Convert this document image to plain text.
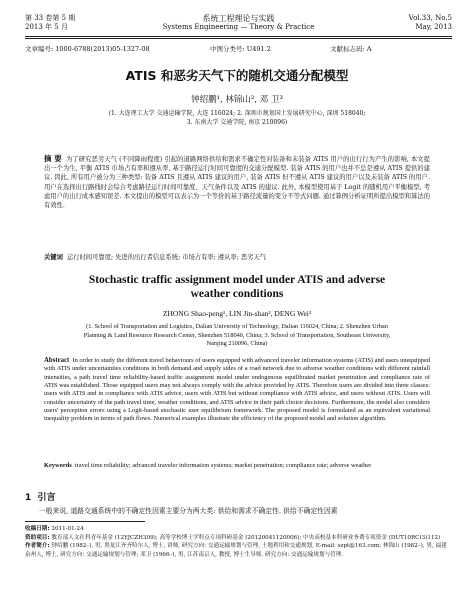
第 33 卷第 5 期
2013 年 5 月
系统工程理论与实践
Systems Engineering — Theory & Practice
Vol.33, No.5
May, 2013
文章编号: 1000-6788(2013)05-1327-08	中图分类号: U491.2	文献标志码: A
ATIS 和恶劣天气下的随机交通分配模型
钟绍鹏¹, 林锦山², 邓 卫³
(1. 大连理工大学 交通运输学院, 大连 116024; 2. 深圳市规划国土发展研究中心, 深圳 518040;
3. 东南大学 交通学院, 南京 210096)
摘 要 为了研究恶劣天气 (不同降雨程度) 引起的道路网络供给和需求不确定性对装备和未装备 ATIS 用户的出行行为产生的影响, 本文提出一个为生, 平衡 ATIS 市场占有率和遵从率, 基于路径运行时间可靠度的交通分配模型. 装备 ATIS 的用户也并不总是遵从 ATIS 提供的建议. 因此, 所有用户被分为三种类型: 装备 ATIS 且遵从 ATIS 建议的用户, 装备 ATIS 但不遵从 ATIS 建议的用户以及未装备 ATIS 的用户. 用户在选择出行路线时会综合考虑路径运行时间可靠度、天气条件以及 ATIS 的建议. 此外, 本模型使用基于 Logit 的随机用户平衡模型, 考虑用户的出行成本感知误差. 本文提出的模型可以表示为一个等价的基于路径流量的变分不等式问题. 通过算例分析证明所提出模型和算法的有效性.
关键词 运行时间可靠度; 先进的出行者信息系统; 市场占有率; 遵从率; 恶劣天气
Stochastic traffic assignment model under ATIS and adverse
weather conditions
ZHONG Shao-peng¹, LIN Jin-shan², DENG Wei³
(1. School of Transportation and Logistics, Dalian University of Technology, Dalian 116024, China; 2. Shenzhen Urban
Planning & Land Resource Research Center, Shenzhen 518040, China; 3. School of Transportation, Southeast University,
Nanjing 210096, China)
Abstract In order to study the different travel behaviours of users equipped with advanced traveler information systems (ATIS) and users unequipped with ATIS under uncertainties conditions in both demand and supply sides of a road network due to adverse weather conditions with different rainfall intensities, a path travel time reliability-based traffic assignment model under endogenous equilibrated market penetration and compliance rate of ATIS was established. Those equipped users may not always comply with the advice provided by ATIS. Therefore users are divided into three classes: users with ATIS and in compliance with ATIS advice, users with ATIS but without compliance with ATIS advice, and users without ATIS. Users will consider uncertainty of the path travel time, weather conditions, and ATIS advice in their path choice decisions. Furthermore, the model also considers users' perception errors using a Logit-based stochastic user equilibrium framework. The proposed model is formulated as an equivalent variational inequality problem in terms of path flows. Numerical examples illustrate the efficiency of the proposed model and solution algorithm.
Keywords travel time reliability; advanced traveler information systems; market penetration; compliance rate; adverse weather
1 引言
一般来说, 道路交通系统中的不确定性因素主要分为两大类: 供给和需求不确定性. 供给不确定性因素
收稿日期: 2011-01-24
资助项目: 教育部人文社科青年基金 (12YJCZH309); 高等学校博士学科点专项科研基金 (20120041120006); 中央高校基本科研业务费专项资金 (DUT10RC(3)112)
作者简介: 钟绍鹏 (1982–), 男, 黑龙江齐齐哈尔人, 博士, 讲师, 研究方向: 交通运输规划与管理, 土地利用和交通规划, E-mail: szpt@163.com; 林锦山 (1982–), 男, 福建泉州人, 博士, 研究方向: 交通运输规划与管理; 邓卫 (1966–), 男, 江苏南京人, 教授, 博士生导师, 研究方向: 交通运输规划与管理.
